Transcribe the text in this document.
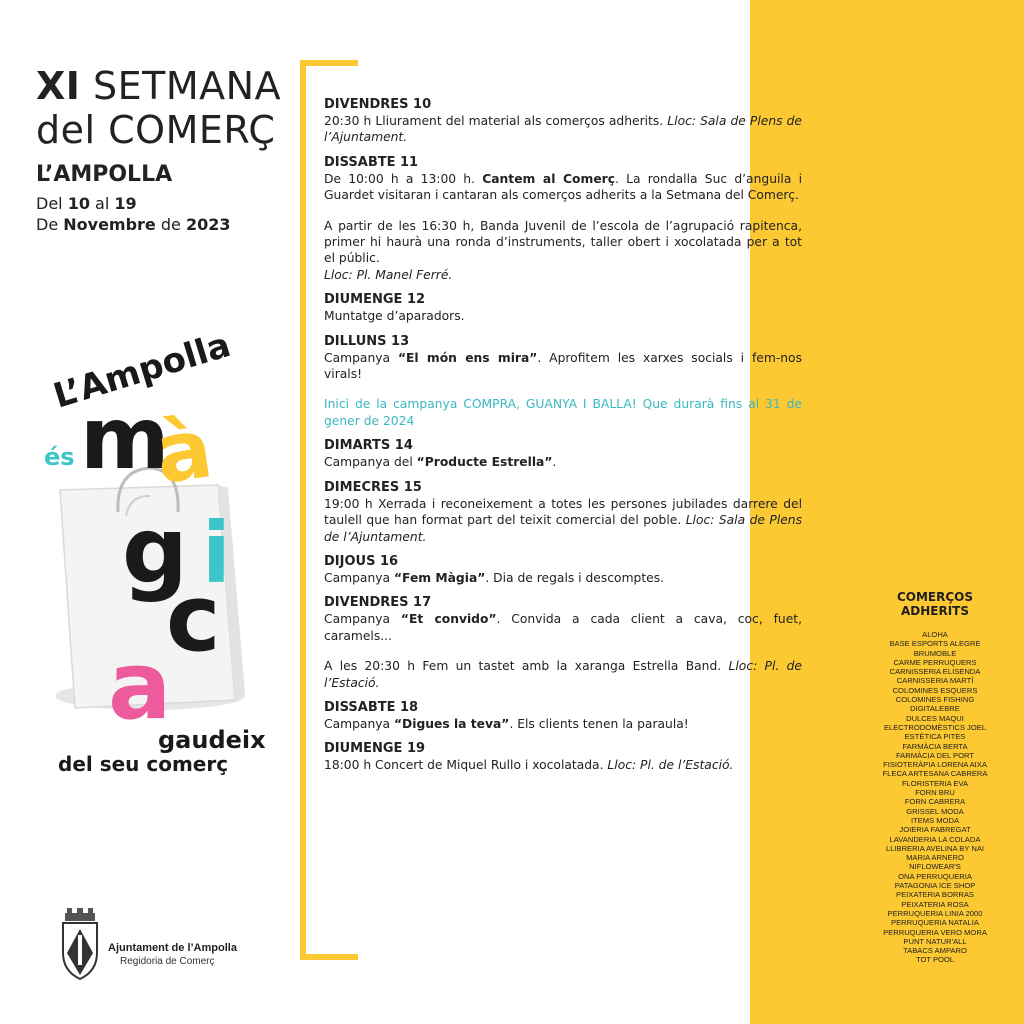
XI SETMANA
del COMERÇ
L’AMPOLLA
Del 10 al 19
De Novembre de 2023
L’Ampolla
és m
à
g i
c
a
gaudeix
del seu comerç
Ajuntament de l’Ampolla
Regidoria de Comerç
DIVENDRES 10

20:30 h Lliurament del material als comerços adherits. Lloc: Sala de Plens de l’Ajuntament.

DISSABTE 11

De 10:00 h a 13:00 h. Cantem al Comerç. La rondalla Suc d’anguila i Guardet visitaran i cantaran als comerços adherits a la Setmana del Comerç.

A partir de les 16:30 h, Banda Juvenil de l’escola de l’agrupació rapitenca, primer hi haurà una ronda d’instruments, taller obert i xocolatada per a tot el públic.
Lloc: Pl. Manel Ferré.

DIUMENGE 12

Muntatge d’aparadors.

DILLUNS 13

Campanya “El món ens mira”. Aprofitem les xarxes socials i fem-nos virals!

Inici de la campanya COMPRA, GUANYA I BALLA! Que durarà fins al 31 de gener de 2024

DIMARTS 14

Campanya del “Producte Estrella”.

DIMECRES 15

19:00 h Xerrada i reconeixement a totes les persones jubilades darrere del taulell que han format part del teixit comercial del poble. Lloc: Sala de Plens de l’Ajuntament.

DIJOUS 16

Campanya “Fem Màgia”. Dia de regals i descomptes.

DIVENDRES 17

Campanya “Et convido”. Convida a cada client a cava, coc, fuet, caramels...

A les 20:30 h Fem un tastet amb la xaranga Estrella Band. Lloc: Pl. de l’Estació.

DISSABTE 18

Campanya “Digues la teva”. Els clients tenen la paraula!

DIUMENGE 19

18:00 h Concert de Miquel Rullo i xocolatada. Lloc: Pl. de l’Estació.

COMERÇOS
ADHERITS
ALOHA
BASE ESPORTS ALEGRE
BRUMOBLE
CARME PERRUQUERS
CARNISSERIA ELISENDA
CARNISSERIA MARTÍ
COLOMINES ESQUERS
COLOMINES FISHING
DIGITALEBRE
DULCES MAQUI
ELECTRODOMÈSTICS JOEL
ESTÈTICA PITES
FARMÀCIA BERTA
FARMÀCIA DEL PORT
FISIOTERÀPIA LORENA AIXA
FLECA ARTESANA CABRERA
FLORISTERIA EVA
FORN BRU
FORN CABRERA
GRISSEL MODA
ITEMS MODA
JOIERIA FABREGAT
LAVANDERIA LA COLADA
LLIBRERIA AVELINA BY NAI
MARIA ARNERO
NIFLOWEAR'S
ONA PERRUQUERIA
PATAGONIA ICE SHOP
PEIXATERIA BORRAS
PEIXATERIA ROSA
PERRUQUERIA LINIA 2000
PERRUQUERIA NATALIA
PERRUQUERIA VERO MORA
PUNT NATUR'ALL
TABACS AMPARO
TOT POOL
